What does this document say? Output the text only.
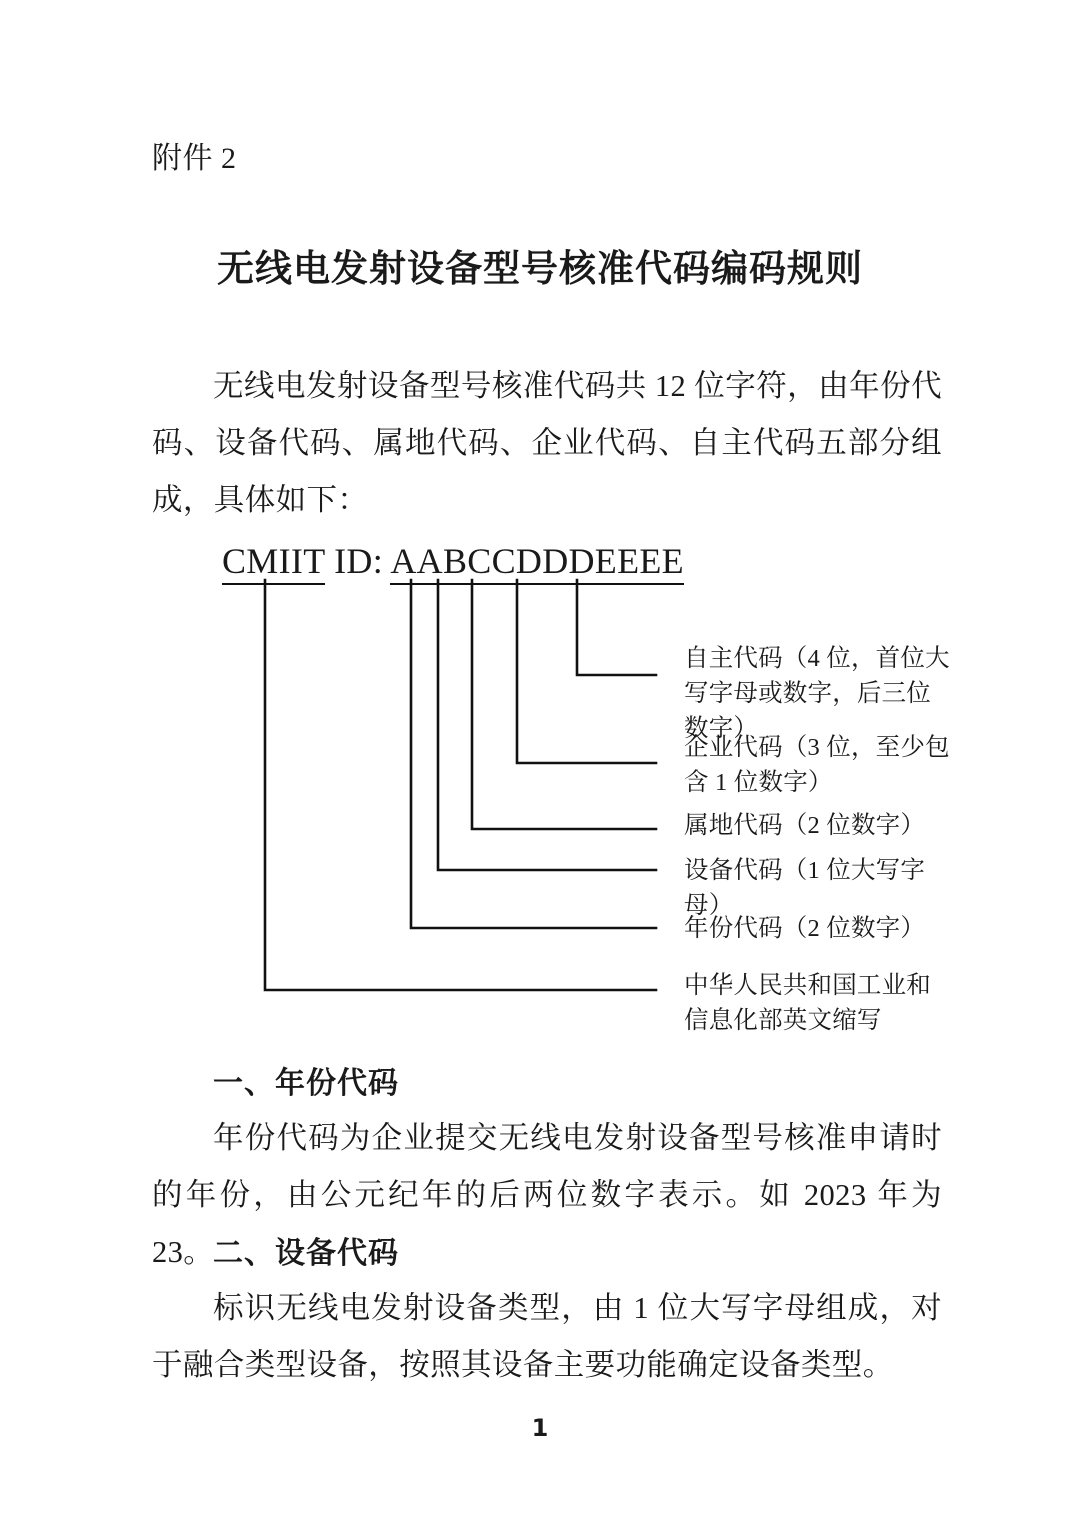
附件 2
无线电发射设备型号核准代码编码规则
无线电发射设备型号核准代码共 12 位字符，由年份代码、设备代码、属地代码、企业代码、自主代码五部分组成，具体如下：
CMIIT ID: AABCCDDDEEEE
自主代码（4 位，首位大写字母或数字，后三位数字）
企业代码（3 位，至少包含 1 位数字）
属地代码（2 位数字）
设备代码（1 位大写字母）
年份代码（2 位数字）
中华人民共和国工业和信息化部英文缩写
一、年份代码
年份代码为企业提交无线电发射设备型号核准申请时的年份，由公元纪年的后两位数字表示。如 2023 年为 23。
二、设备代码
标识无线电发射设备类型，由 1 位大写字母组成，对于融合类型设备，按照其设备主要功能确定设备类型。
1
